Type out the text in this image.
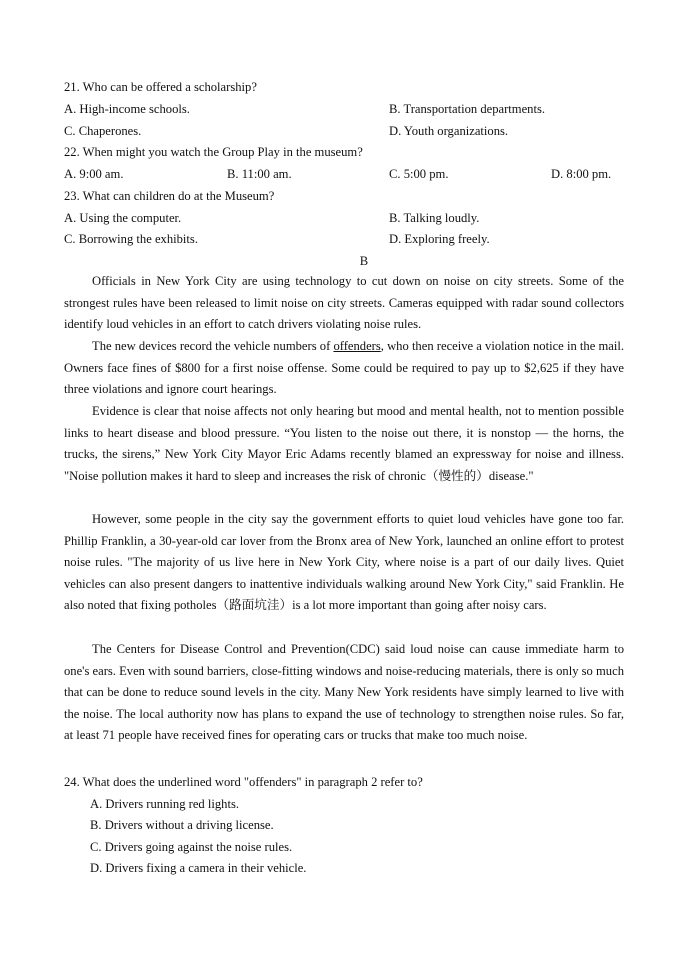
21. Who can be offered a scholarship?
A. High-income schools.	B. Transportation departments.
C. Chaperones.	D. Youth organizations.
22. When might you watch the Group Play in the museum?
A. 9:00 am.	B. 11:00 am.	C. 5:00 pm.	D. 8:00 pm.
23. What can children do at the Museum?
A. Using the computer.	B. Talking loudly.
C. Borrowing the exhibits.	D. Exploring freely.
B
Officials in New York City are using technology to cut down on noise on city streets. Some of the strongest rules have been released to limit noise on city streets. Cameras equipped with radar sound collectors identify loud vehicles in an effort to catch drivers violating noise rules.
The new devices record the vehicle numbers of offenders, who then receive a violation notice in the mail. Owners face fines of $800 for a first noise offense. Some could be required to pay up to $2,625 if they have three violations and ignore court hearings.
Evidence is clear that noise affects not only hearing but mood and mental health, not to mention possible links to heart disease and blood pressure. “You listen to the noise out there, it is nonstop — the horns, the trucks, the sirens,” New York City Mayor Eric Adams recently blamed an expressway for noise and illness. "Noise pollution makes it hard to sleep and increases the risk of chronic（慢性的）disease."
However, some people in the city say the government efforts to quiet loud vehicles have gone too far. Phillip Franklin, a 30-year-old car lover from the Bronx area of New York, launched an online effort to protest noise rules. "The majority of us live here in New York City, where noise is a part of our daily lives. Quiet vehicles can also present dangers to inattentive individuals walking around New York City," said Franklin. He also noted that fixing potholes（路面坑洼）is a lot more important than going after noisy cars.
The Centers for Disease Control and Prevention(CDC) said loud noise can cause immediate harm to one's ears. Even with sound barriers, close-fitting windows and noise-reducing materials, there is only so much that can be done to reduce sound levels in the city. Many New York residents have simply learned to live with the noise. The local authority now has plans to expand the use of technology to strengthen noise rules. So far, at least 71 people have received fines for operating cars or trucks that make too much noise.
24. What does the underlined word "offenders" in paragraph 2 refer to?
A. Drivers running red lights.
B. Drivers without a driving license.
C. Drivers going against the noise rules.
D. Drivers fixing a camera in their vehicle.
